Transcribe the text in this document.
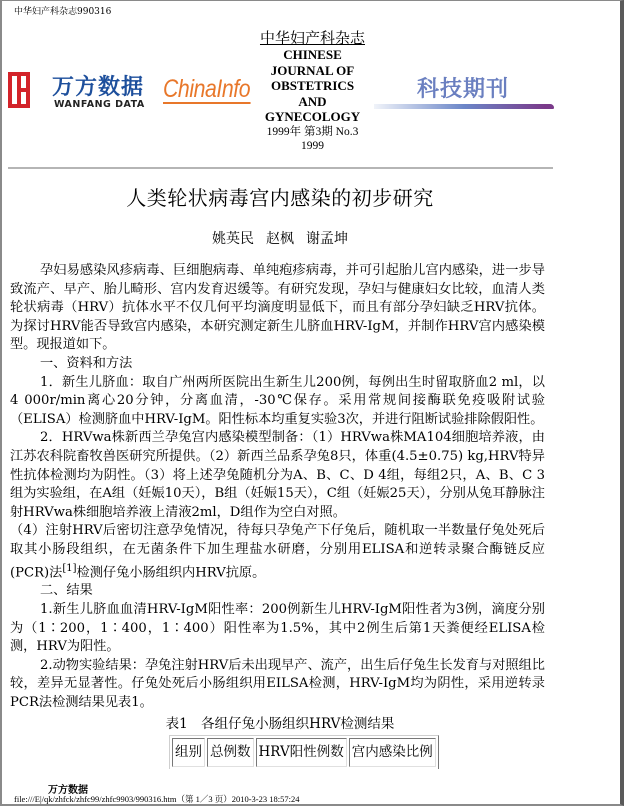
中华妇产科杂志990316
万方数据
WANFANG DATA
ChinaInfo
中华妇产科杂志
CHINESE
JOURNAL OF
OBSTETRICS
AND
GYNECOLOGY
1999年 第3期 No.3
1999
科技期刊
人类轮状病毒宫内感染的初步研究
姚英民 赵枫 谢孟坤

孕妇易感染风疹病毒、巨细胞病毒、单纯疱疹病毒，并可引起胎儿宫内感染，进一步导致流产、早产、胎儿畸形、宫内发育迟缓等。有研究发现，孕妇与健康妇女比较，血清人类轮状病毒（HRV）抗体水平不仅几何平均滴度明显低下，而且有部分孕妇缺乏HRV抗体。为探讨HRV能否导致宫内感染，本研究测定新生儿脐血HRV-IgM，并制作HRV宫内感染模型。现报道如下。

一、资料和方法

1．新生儿脐血：取自广州两所医院出生新生儿200例，每例出生时留取脐血2 ml，以4 000r/min离心20分钟，分离血清，-30℃保存。采用常规间接酶联免疫吸附试验（ELISA）检测脐血中HRV-IgM。阳性标本均重复实验3次，并进行阻断试验排除假阳性。

2．HRVwa株新西兰孕兔宫内感染模型制备：（1）HRVwa株MA104细胞培养液，由江苏农科院畜牧兽医研究所提供。（2）新西兰品系孕兔8只，体重(4.5±0.75) kg,HRV特异性抗体检测均为阴性。（3）将上述孕兔随机分为A、B、C、D 4组，每组2只，A、B、C 3组为实验组，在A组（妊娠10天），B组（妊娠15天），C组（妊娠25天），分别从兔耳静脉注射HRVwa株细胞培养液上清液2ml，D组作为空白对照。

（4）注射HRV后密切注意孕兔情况，待每只孕兔产下仔兔后，随机取一半数量仔兔处死后取其小肠段组织，在无菌条件下加生理盐水研磨，分别用ELISA和逆转录聚合酶链反应(PCR)法[1]检测仔兔小肠组织内HRV抗原。

二、结果

1.新生儿脐血血清HRV-IgM阳性率：200例新生儿HRV-IgM阳性者为3例，滴度分别为（1∶200，1∶400，1∶400）阳性率为1.5%，其中2例生后第1天粪便经ELISA检测，HRV为阳性。

2.动物实验结果：孕兔注射HRV后未出现早产、流产，出生后仔兔生长发育与对照组比较，差异无显著性。仔兔处死后小肠组织用EILSA检测，HRV-IgM均为阴性，采用逆转录PCR法检测结果见表1。

表1　各组仔兔小肠组织HRV检测结果
组别	总例数	HRV阳性例数	宫内感染比例
万方数据
file:///E|/qk/zhfck/zhfc99/zhfc9903/990316.htm（第 1／3 页）2010-3-23 18:57:24
